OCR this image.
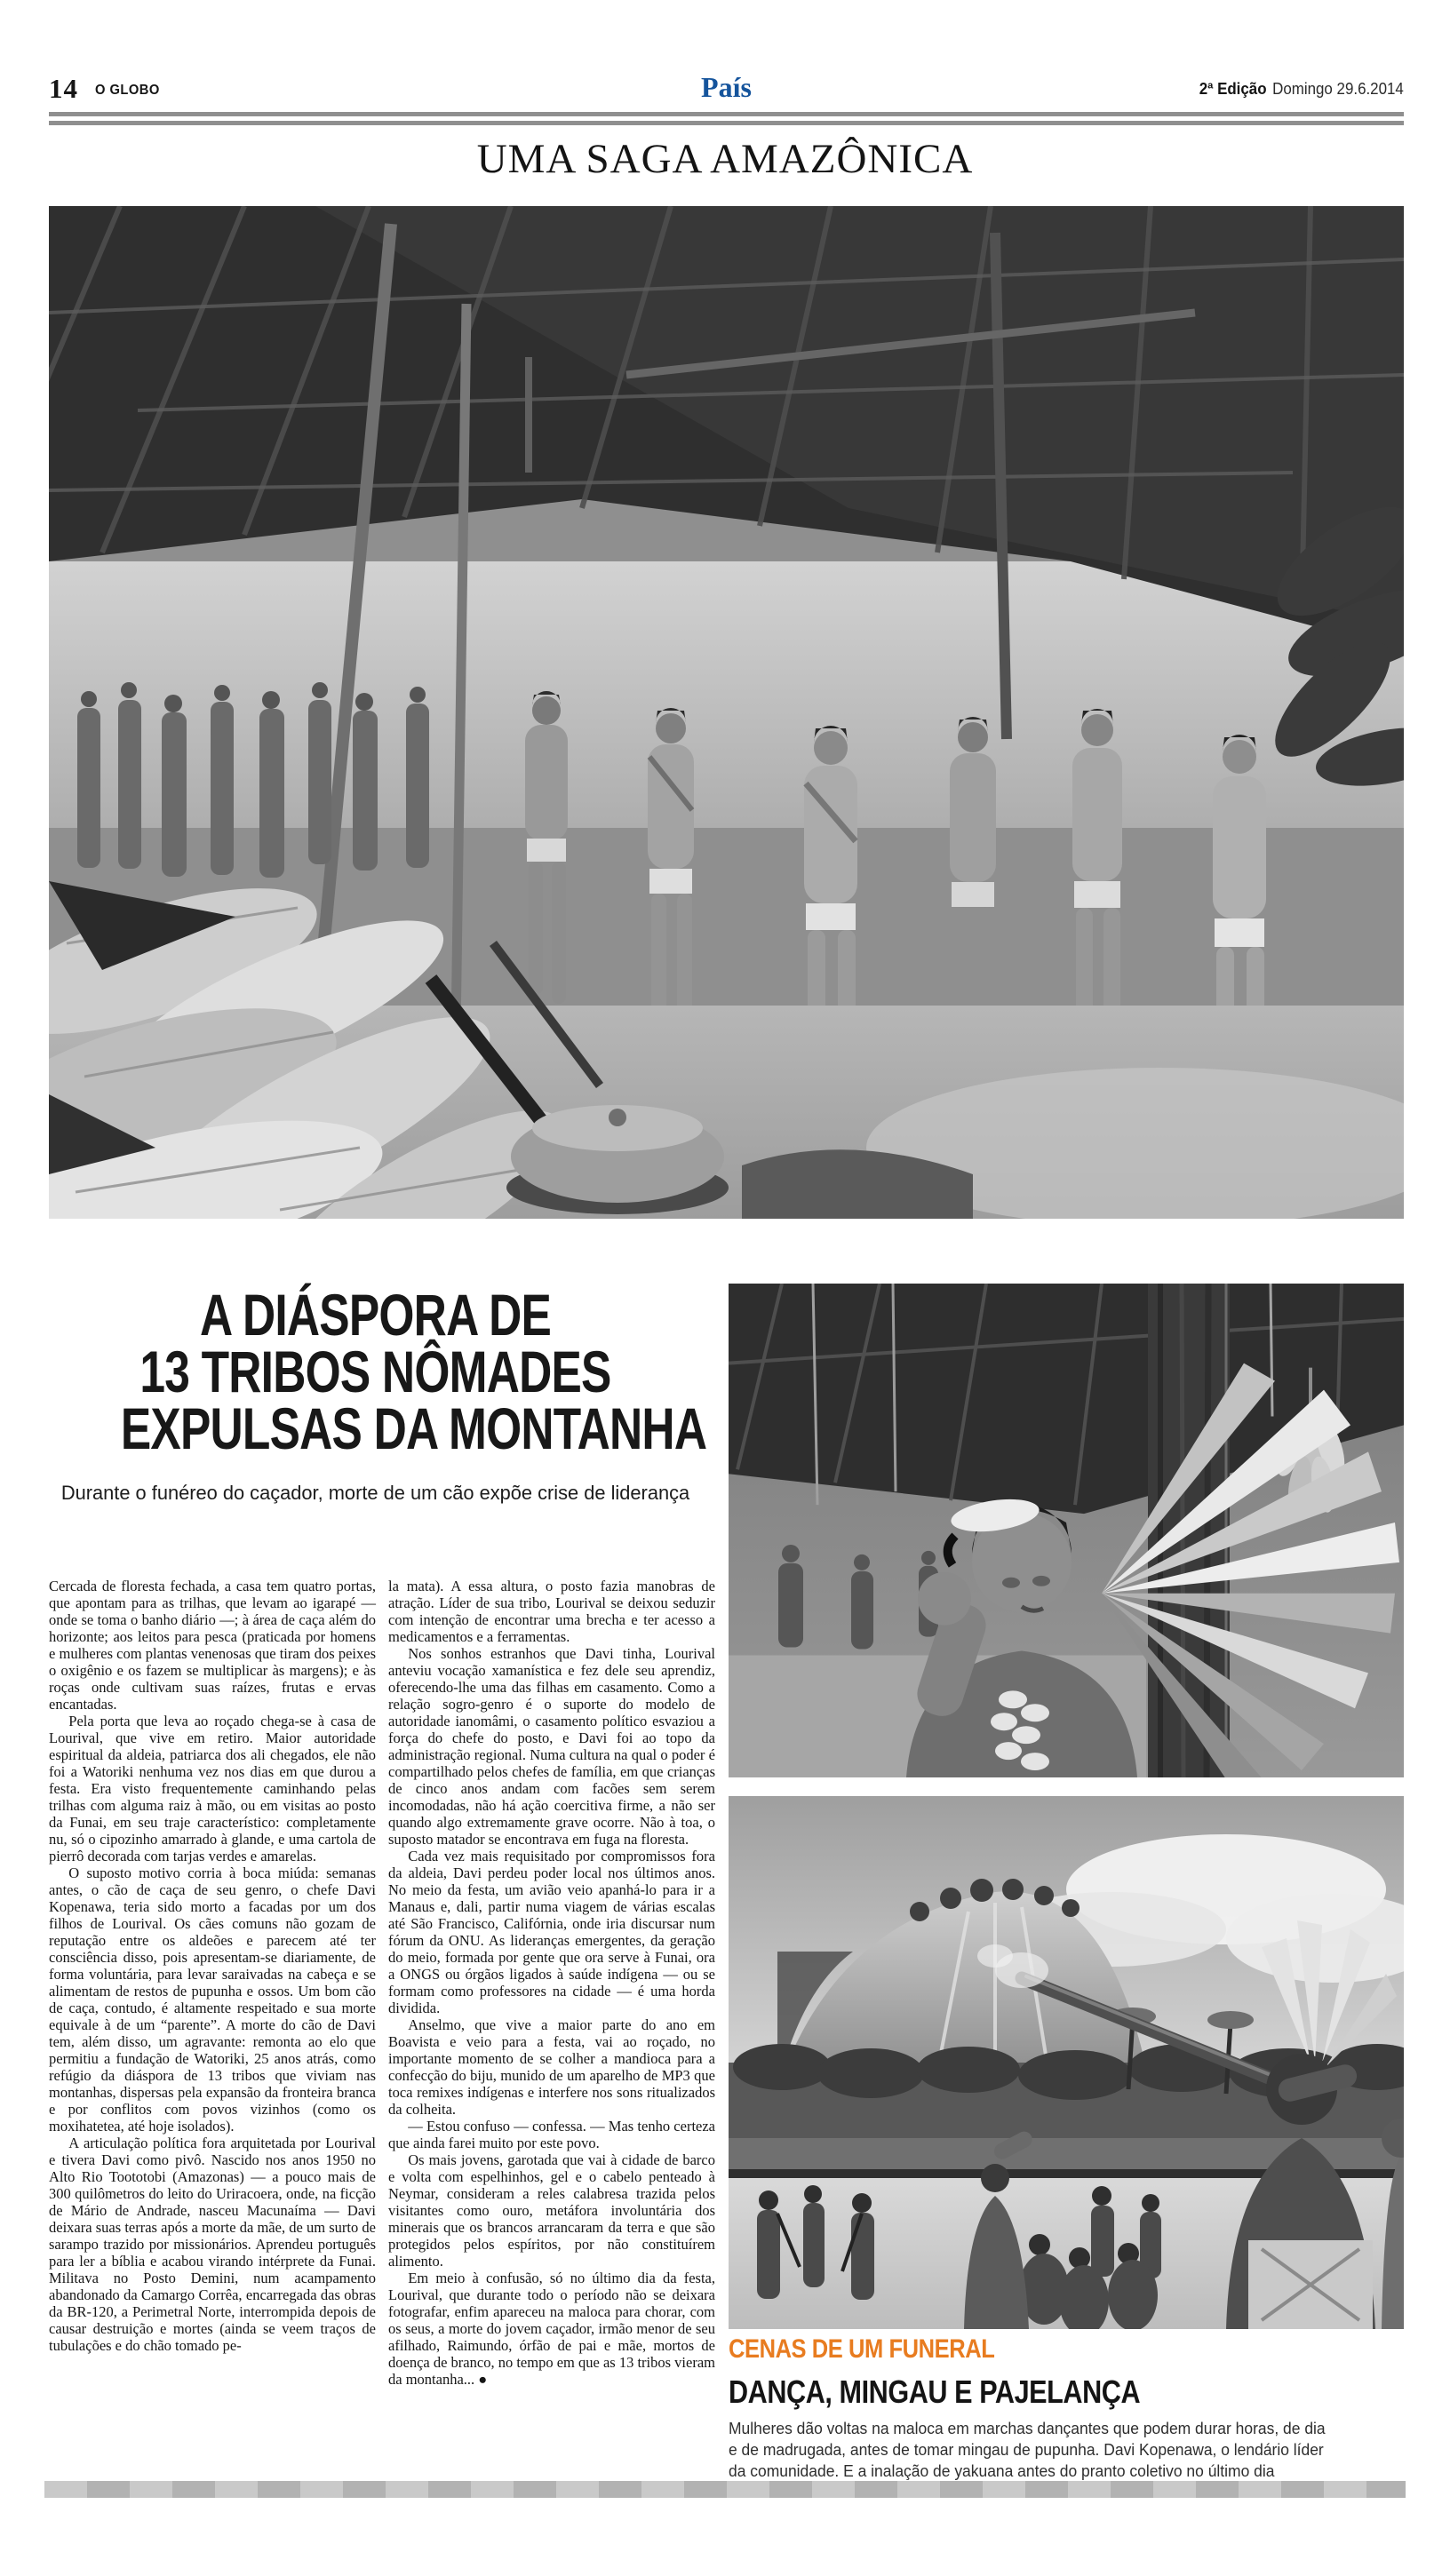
14 O GLOBO	País	2ª Edição Domingo 29.6.2014
UMA SAGA AMAZÔNICA
A DIÁSPORA DE
13 TRIBOS NÔMADES
EXPULSAS DA MONTANHA

Durante o funéreo do caçador, morte de um cão expõe crise de liderança

Cercada de floresta fechada, a casa tem quatro portas, que apontam para as trilhas, que levam ao igarapé — onde se toma o banho diário —; à área de caça além do horizonte; aos leitos para pesca (praticada por homens e mulheres com plantas venenosas que tiram dos peixes o oxigênio e os fazem se multiplicar às margens); e às roças onde cultivam suas raízes, frutas e ervas encantadas.

Pela porta que leva ao roçado chega-se à casa de Lourival, que vive em retiro. Maior autoridade espiritual da aldeia, patriarca dos ali chegados, ele não foi a Watoriki nenhuma vez nos dias em que durou a festa. Era visto frequentemente caminhando pelas trilhas com alguma raiz à mão, ou em visitas ao posto da Funai, em seu traje característico: completamente nu, só o cipozinho amarrado à glande, e uma cartola de pierrô decorada com tarjas verdes e amarelas.

O suposto motivo corria à boca miúda: semanas antes, o cão de caça de seu genro, o chefe Davi Kopenawa, teria sido morto a facadas por um dos filhos de Lourival. Os cães comuns não gozam de reputação entre os aldeões e parecem até ter consciência disso, pois apresentam-se diariamente, de forma voluntária, para levar saraivadas na cabeça e se alimentam de restos de pupunha e ossos. Um bom cão de caça, contudo, é altamente respeitado e sua morte equivale à de um “parente”. A morte do cão de Davi tem, além disso, um agravante: remonta ao elo que permitiu a fundação de Watoriki, 25 anos atrás, como refúgio da diáspora de 13 tribos que viviam nas montanhas, dispersas pela expansão da fronteira branca e por conflitos com povos vizinhos (como os moxihatetea, até hoje isolados).

A articulação política fora arquitetada por Lourival e tivera Davi como pivô. Nascido nos anos 1950 no Alto Rio Toototobi (Amazonas) — a pouco mais de 300 quilômetros do leito do Uriracoera, onde, na ficção de Mário de Andrade, nasceu Macunaíma — Davi deixara suas terras após a morte da mãe, de um surto de sarampo trazido por missionários. Aprendeu português para ler a bíblia e acabou virando intérprete da Funai. Militava no Posto Demini, num acampamento abandonado da Camargo Corrêa, encarregada das obras da BR-120, a Perimetral Norte, interrompida depois de causar destruição e mortes (ainda se veem traços de tubulações e do chão tomado pe-

la mata). A essa altura, o posto fazia manobras de atração. Líder de sua tribo, Lourival se deixou seduzir com intenção de encontrar uma brecha e ter acesso a medicamentos e a ferramentas.

Nos sonhos estranhos que Davi tinha, Lourival anteviu vocação xamanística e fez dele seu aprendiz, oferecendo-lhe uma das filhas em casamento. Como a relação sogro-genro é o suporte do modelo de autoridade ianomâmi, o casamento político esvaziou a força do chefe do posto, e Davi foi ao topo da administração regional. Numa cultura na qual o poder é compartilhado pelos chefes de família, em que crianças de cinco anos andam com facões sem serem incomodadas, não há ação coercitiva firme, a não ser quando algo extremamente grave ocorre. Não à toa, o suposto matador se encontrava em fuga na floresta.

Cada vez mais requisitado por compromissos fora da aldeia, Davi perdeu poder local nos últimos anos. No meio da festa, um avião veio apanhá-lo para ir a Manaus e, dali, partir numa viagem de várias escalas até São Francisco, Califórnia, onde iria discursar num fórum da ONU. As lideranças emergentes, da geração do meio, formada por gente que ora serve à Funai, ora a ONGS ou órgãos ligados à saúde indígena — ou se formam como professores na cidade — é uma horda dividida.

Anselmo, que vive a maior parte do ano em Boavista e veio para a festa, vai ao roçado, no importante momento de se colher a mandioca para a confecção do biju, munido de um aparelho de MP3 que toca remixes indígenas e interfere nos sons ritualizados da colheita.

— Estou confuso — confessa. — Mas tenho certeza que ainda farei muito por este povo.

Os mais jovens, garotada que vai à cidade de barco e volta com espelhinhos, gel e o cabelo penteado à Neymar, consideram a reles calabresa trazida pelos visitantes como ouro, metáfora involuntária dos minerais que os brancos arrancaram da terra e que são protegidos pelos espíritos, por não constituírem alimento.

Em meio à confusão, só no último dia da festa, Lourival, que durante todo o período não se deixara fotografar, enfim apareceu na maloca para chorar, com os seus, a morte do jovem caçador, irmão menor de seu afilhado, Raimundo, órfão de pai e mãe, mortos de doença de branco, no tempo em que as 13 tribos vieram da montanha... ●

CENAS DE UM FUNERAL

DANÇA, MINGAU E PAJELANÇA

Mulheres dão voltas na maloca em marchas dançantes que podem durar horas, de dia e de madrugada, antes de tomar mingau de pupunha. Davi Kopenawa, o lendário líder da comunidade. E a inalação de yakuana antes do pranto coletivo no último dia
